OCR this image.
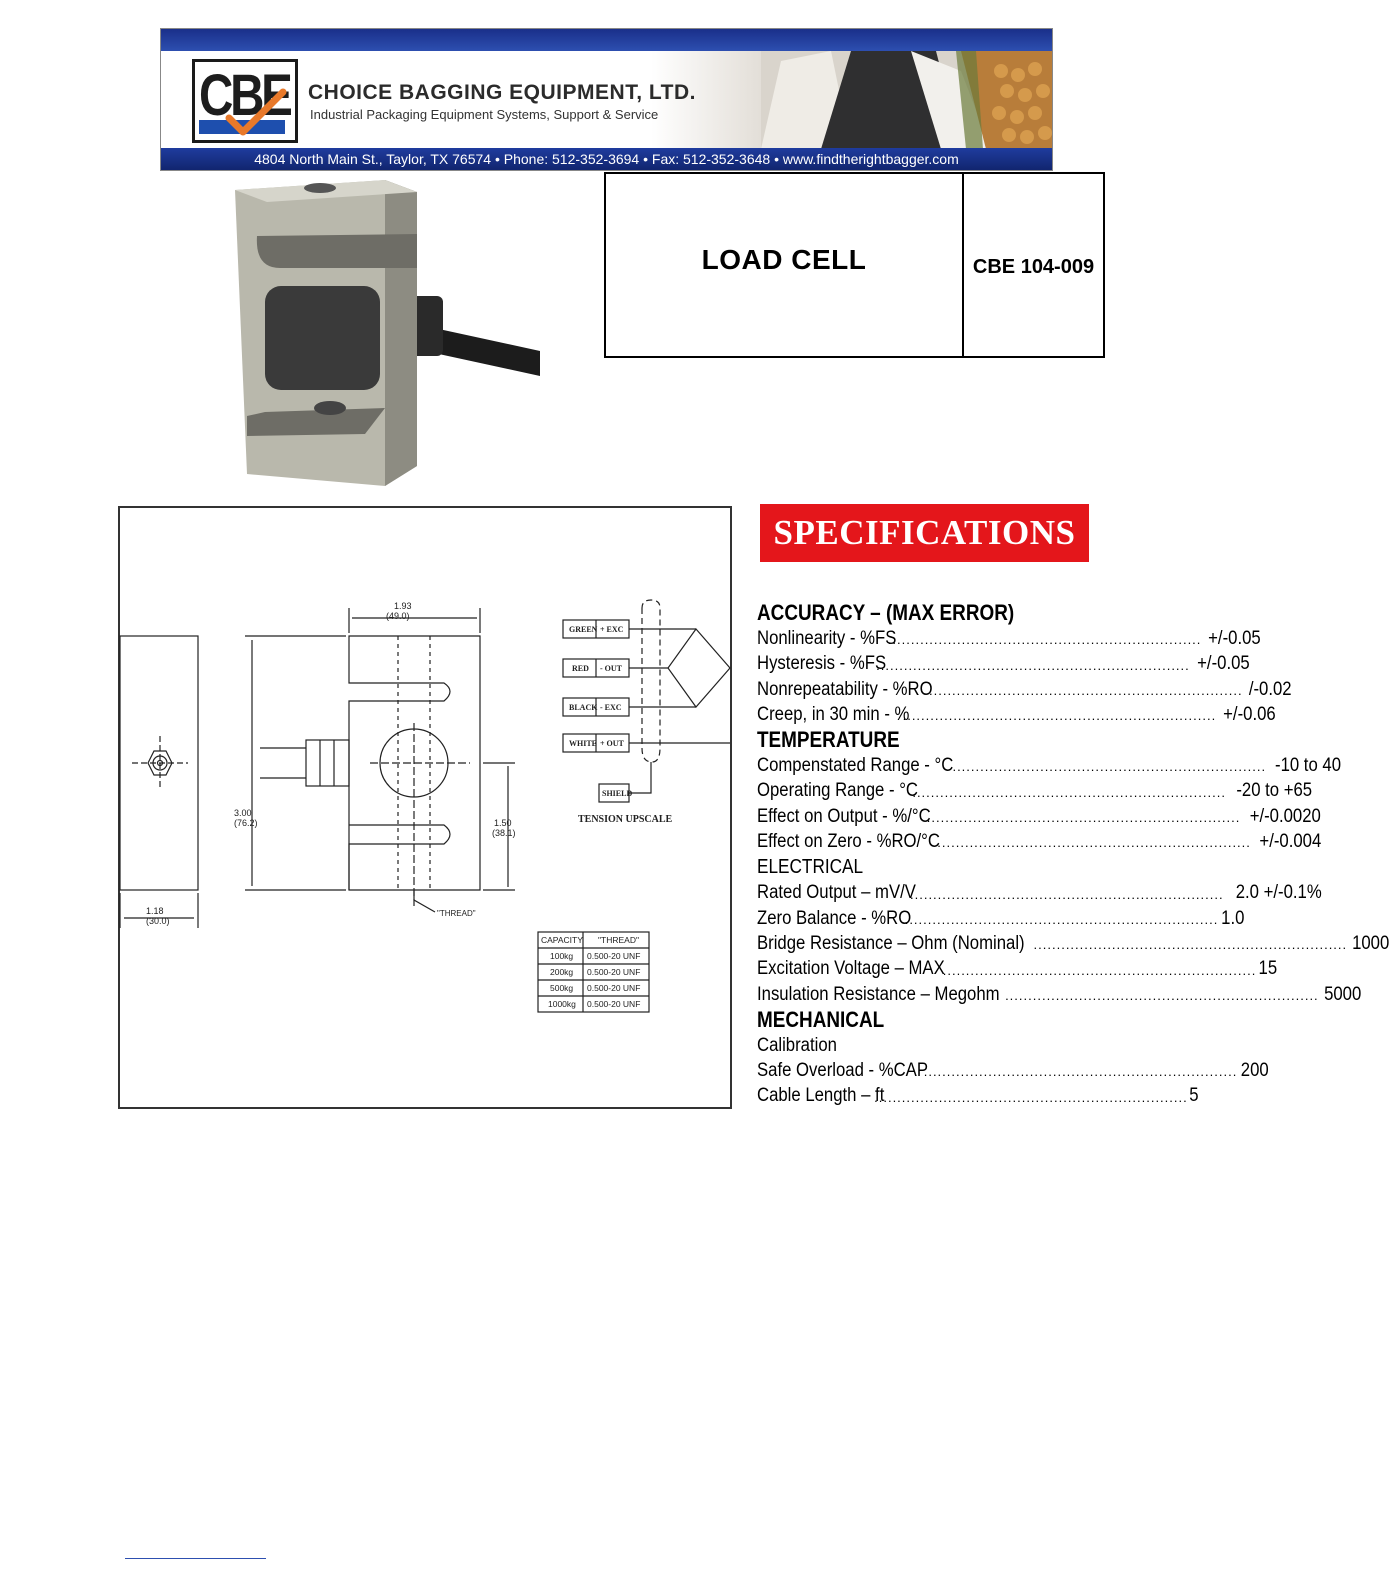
CBE CHOICE BAGGING EQUIPMENT, LTD.
Industrial Packaging Equipment Systems, Support & Service
4804 North Main St., Taylor, TX 76574 • Phone: 512-352-3694 • Fax: 512-352-3648 • www.findtherightbagger.com
LOAD CELL	CBE 104-009
1.93
(49.0)
3.00
(76.2)	1.50
(38.1)
1.18
(30.0)
"THREAD"
GREEN + EXC
RED - OUT
BLACK - EXC
WHITE + OUT
SHIELD
TENSION UPSCALE
CAPACITY "THREAD"
100kg 0.500-20 UNF
200kg 0.500-20 UNF
500kg 0.500-20 UNF
1000kg 0.500-20 UNF
SPECIFICATIONS
ACCURACY – (MAX ERROR)
Nonlinearity - %FS
.................................................................... +/-0.05
Hysteresis - %FS
.................................................................... +/-0.05
Nonrepeatability - %RO
.................................................................... /-0.02
Creep, in 30 min - %
.................................................................... +/-0.06
TEMPERATURE
Compenstated Range - °C .................................................................... -10 to 40
Operating Range - °C
.................................................................... -20 to +65
Effect on Output - %/°C
.................................................................... +/-0.0020
Effect on Zero - %RO/°C
.................................................................... +/-0.004
ELECTRICAL
Rated Output – mV/V
.................................................................... 2.0 +/-0.1%
Zero Balance - %RO
.................................................................... 1.0
Bridge Resistance – Ohm (Nominal) .................................................................... 1000
Excitation Voltage – MAX
.................................................................... 15
Insulation Resistance – Megohm .................................................................... 5000
MECHANICAL
Calibration
Safe Overload - %CAP
.................................................................... 200
Cable Length – ft
.................................................................... 5
